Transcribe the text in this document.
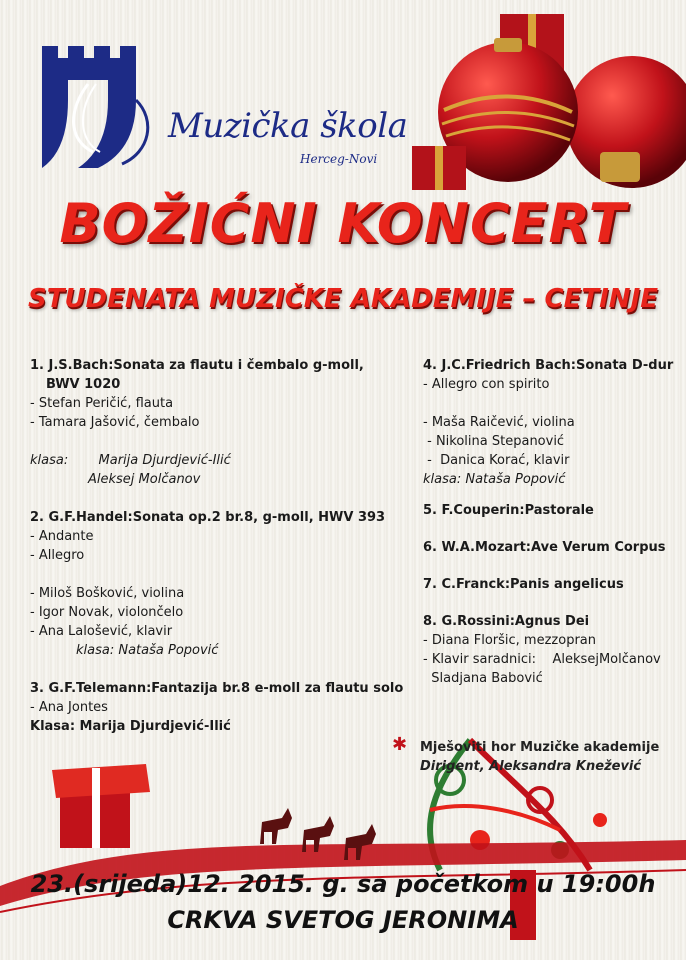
Muzička škola
Herceg-Novi
BOŽIĆNI KONCERT
STUDENATA MUZIČKE AKADEMIJE – CETINJE
✱
1. J.S.Bach:Sonata za flautu i čembalo g-moll,
BWV 1020
- Stefan Peričić, flauta
- Tamara Jašović, čembalo
klasa: Marija Djurdjević-Ilić
Aleksej Molčanov
2. G.F.Handel:Sonata op.2 br.8, g-moll, HWV 393
- Andante
- Allegro
- Miloš Bošković, violina
- Igor Novak, violončelo
- Ana Lalošević, klavir
klasa: Nataša Popović
3. G.F.Telemann:Fantazija br.8 e-moll za flautu solo
- Ana Jontes
Klasa: Marija Djurdjević-Ilić
4. J.C.Friedrich Bach:Sonata D-dur
- Allegro con spirito
- Maša Raičević, violina
- Nikolina Stepanović
-  Danica Korać, klavir
klasa: Nataša Popović
5. F.Couperin:Pastorale
6. W.A.Mozart:Ave Verum Corpus
7. C.Franck:Panis angelicus
8. G.Rossini:Agnus Dei
- Diana Floršic, mezzopran
- Klavir saradnici:    AleksejMolčanov
Sladjana Babović
Mješoviti hor Muzičke akademije
Dirigent, Aleksandra Knežević
23.(srijeda)12. 2015. g. sa početkom u 19:00h
CRKVA SVETOG JERONIMA
